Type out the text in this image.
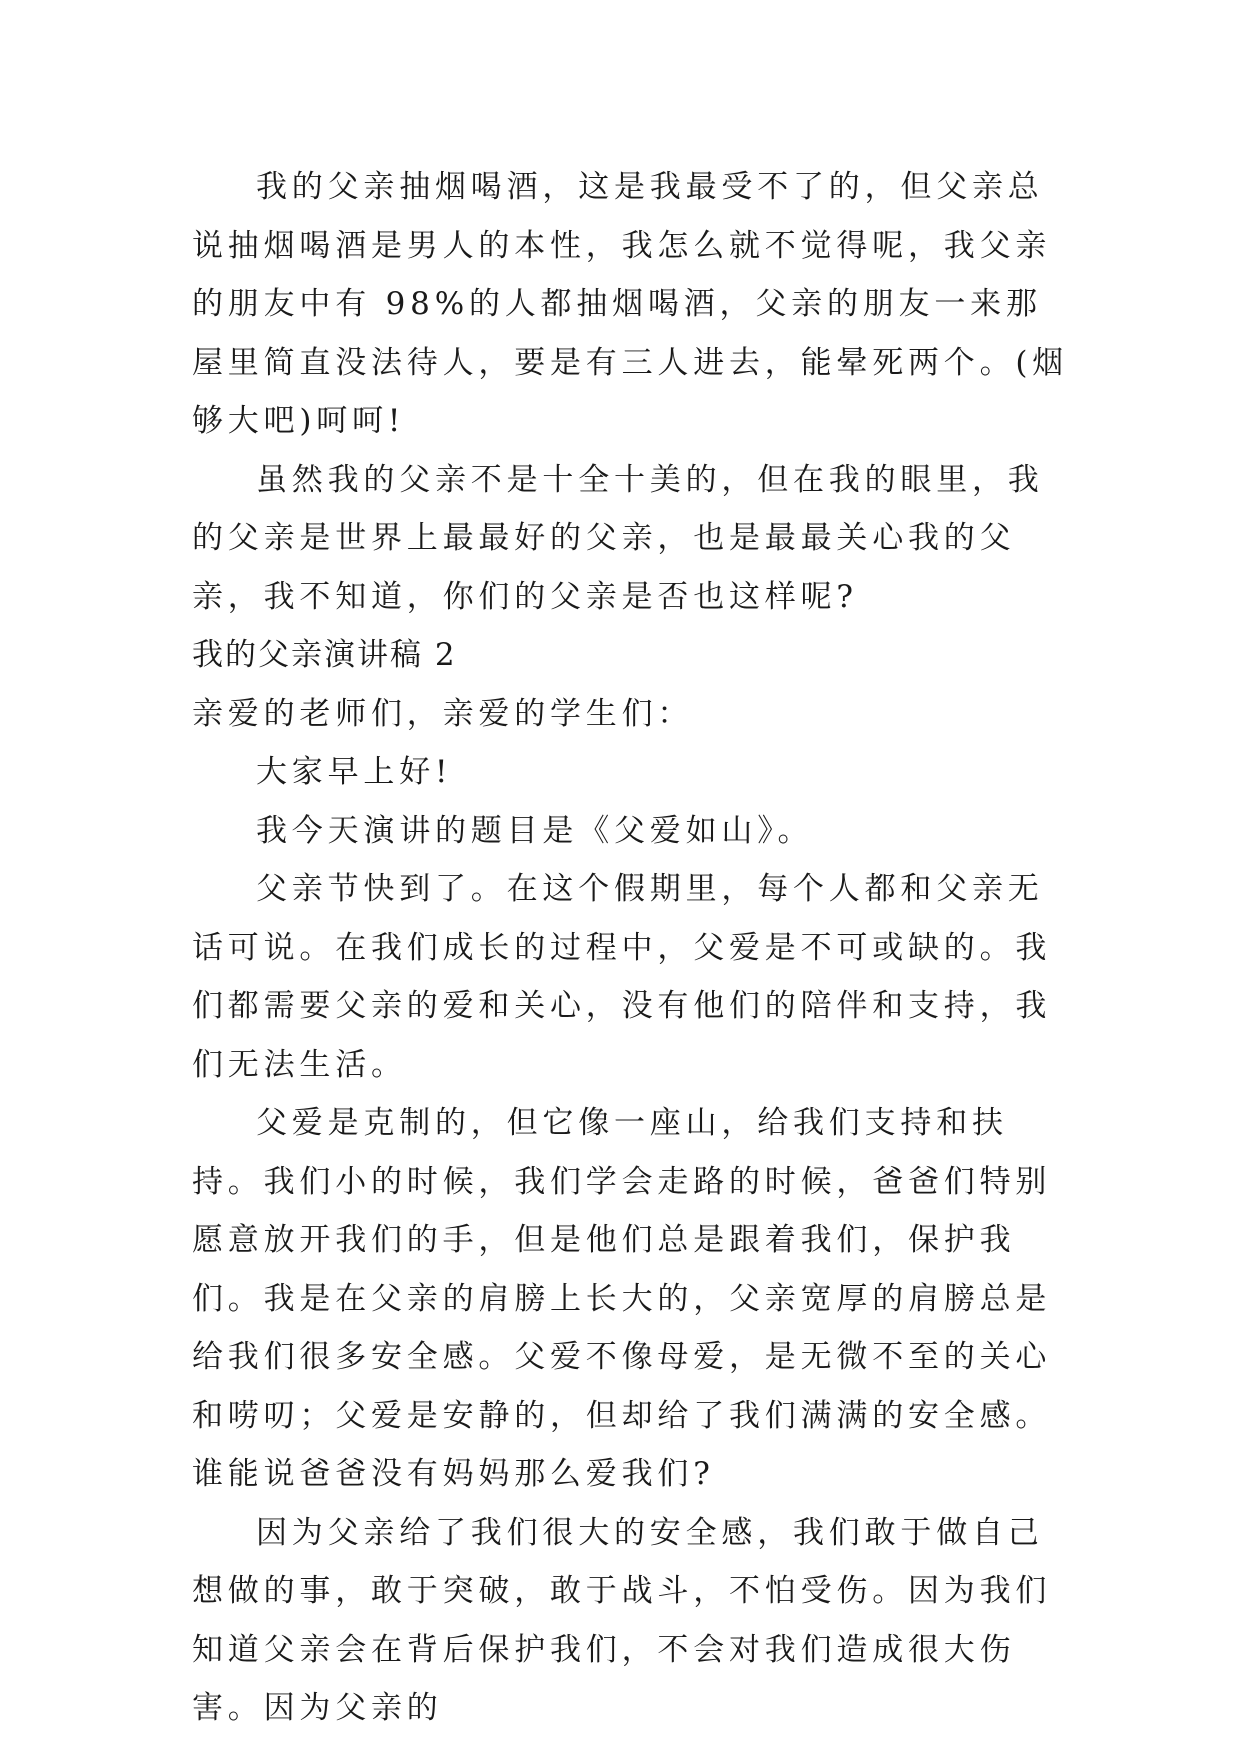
我的父亲抽烟喝酒，这是我最受不了的，但父亲总说抽烟喝酒是男人的本性，我怎么就不觉得呢，我父亲的朋友中有 98%的人都抽烟喝酒，父亲的朋友一来那屋里简直没法待人，要是有三人进去，能晕死两个。(烟够大吧)呵呵!

虽然我的父亲不是十全十美的，但在我的眼里，我的父亲是世界上最最好的父亲，也是最最关心我的父亲，我不知道，你们的父亲是否也这样呢?

我的父亲演讲稿 2

亲爱的老师们，亲爱的学生们：

大家早上好!

我今天演讲的题目是《父爱如山》。

父亲节快到了。在这个假期里，每个人都和父亲无话可说。在我们成长的过程中，父爱是不可或缺的。我们都需要父亲的爱和关心，没有他们的陪伴和支持，我们无法生活。

父爱是克制的，但它像一座山，给我们支持和扶持。我们小的时候，我们学会走路的时候，爸爸们特别愿意放开我们的手，但是他们总是跟着我们，保护我们。我是在父亲的肩膀上长大的，父亲宽厚的肩膀总是给我们很多安全感。父爱不像母爱，是无微不至的关心和唠叨；父爱是安静的，但却给了我们满满的安全感。谁能说爸爸没有妈妈那么爱我们?

因为父亲给了我们很大的安全感，我们敢于做自己想做的事，敢于突破，敢于战斗，不怕受伤。因为我们知道父亲会在背后保护我们，不会对我们造成很大伤害。因为父亲的
